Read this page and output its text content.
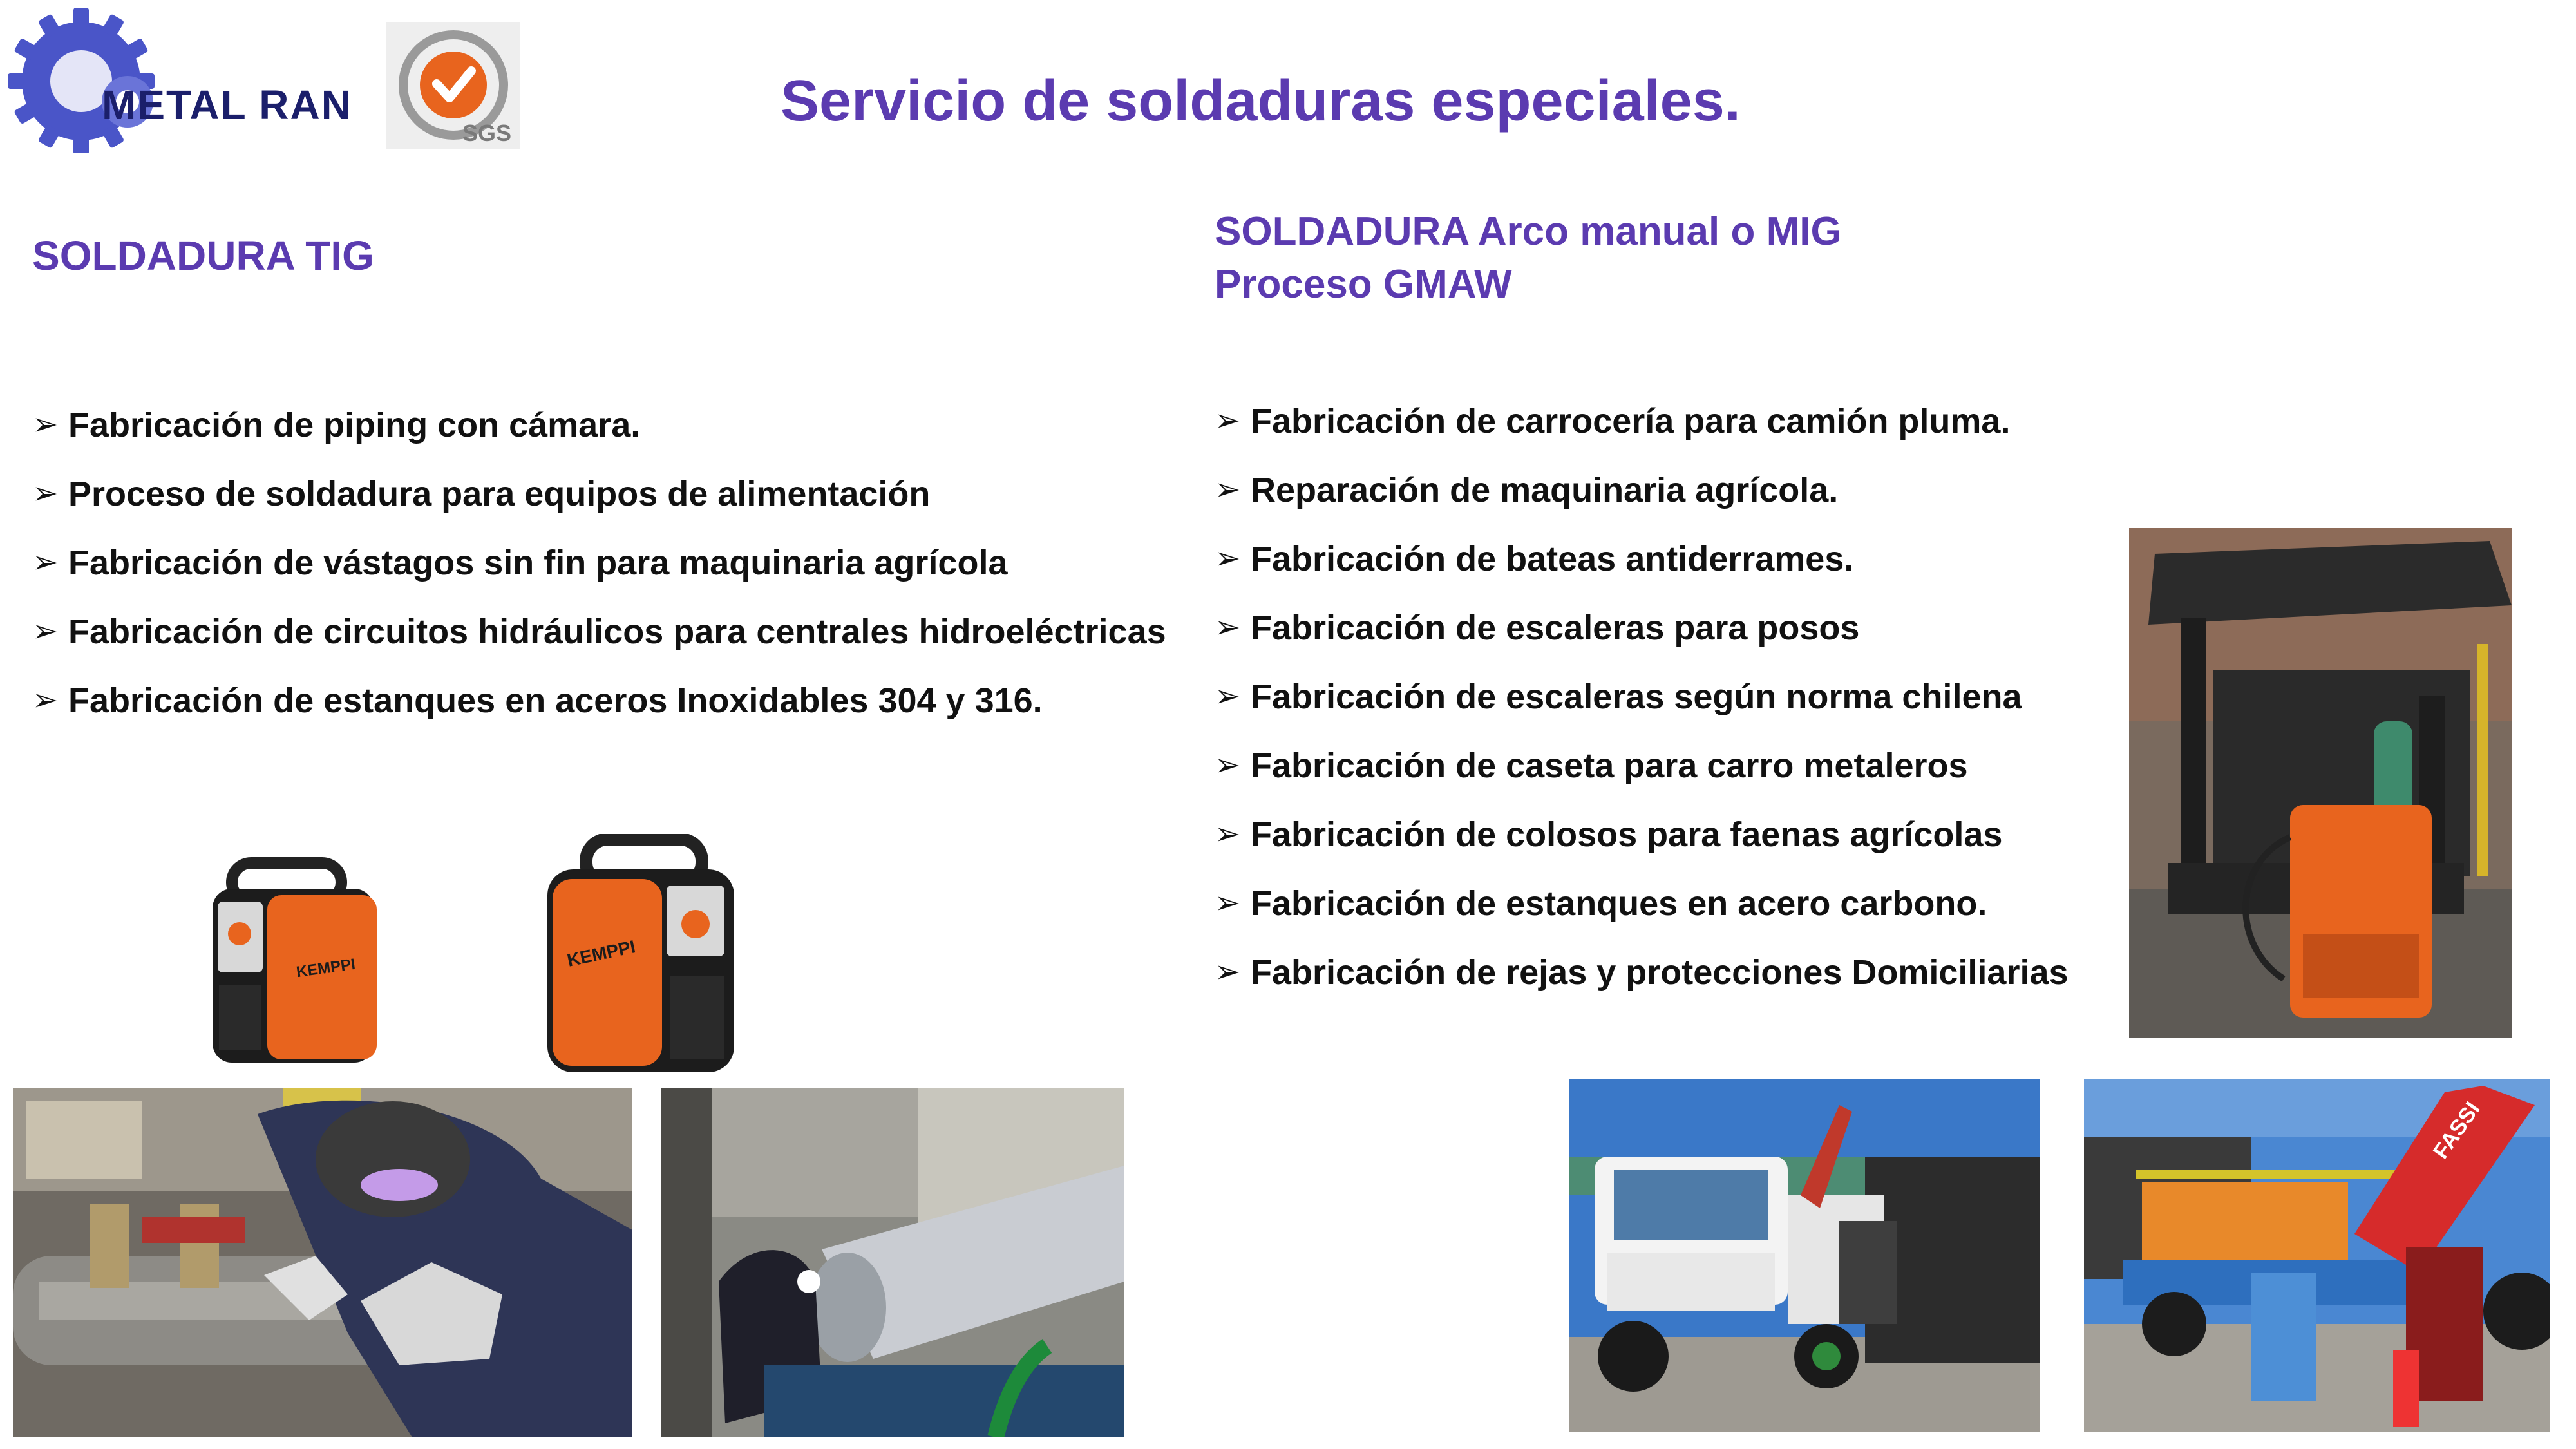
METAL RAN
SGS	Servicio de soldaduras especiales.
SOLDADURA TIG
➢ Fabricación de piping con cámara.
➢ Proceso de soldadura para equipos de alimentación
➢ Fabricación de vástagos sin fin para maquinaria agrícola
➢ Fabricación de circuitos hidráulicos para centrales hidroeléctricas
➢ Fabricación de estanques en aceros Inoxidables 304 y 316.
KEMPPI	KEMPPI
SOLDADURA Arco manual o MIG
Proceso GMAW
➢ Fabricación de carrocería para camión pluma.
➢ Reparación de maquinaria agrícola.
➢ Fabricación de bateas antiderrames.
➢ Fabricación de escaleras para posos
➢ Fabricación de escaleras según norma chilena
➢ Fabricación de caseta para carro metaleros
➢ Fabricación de colosos para faenas agrícolas
➢ Fabricación de estanques en acero carbono.
➢ Fabricación de rejas y protecciones Domiciliarias
FASSI
